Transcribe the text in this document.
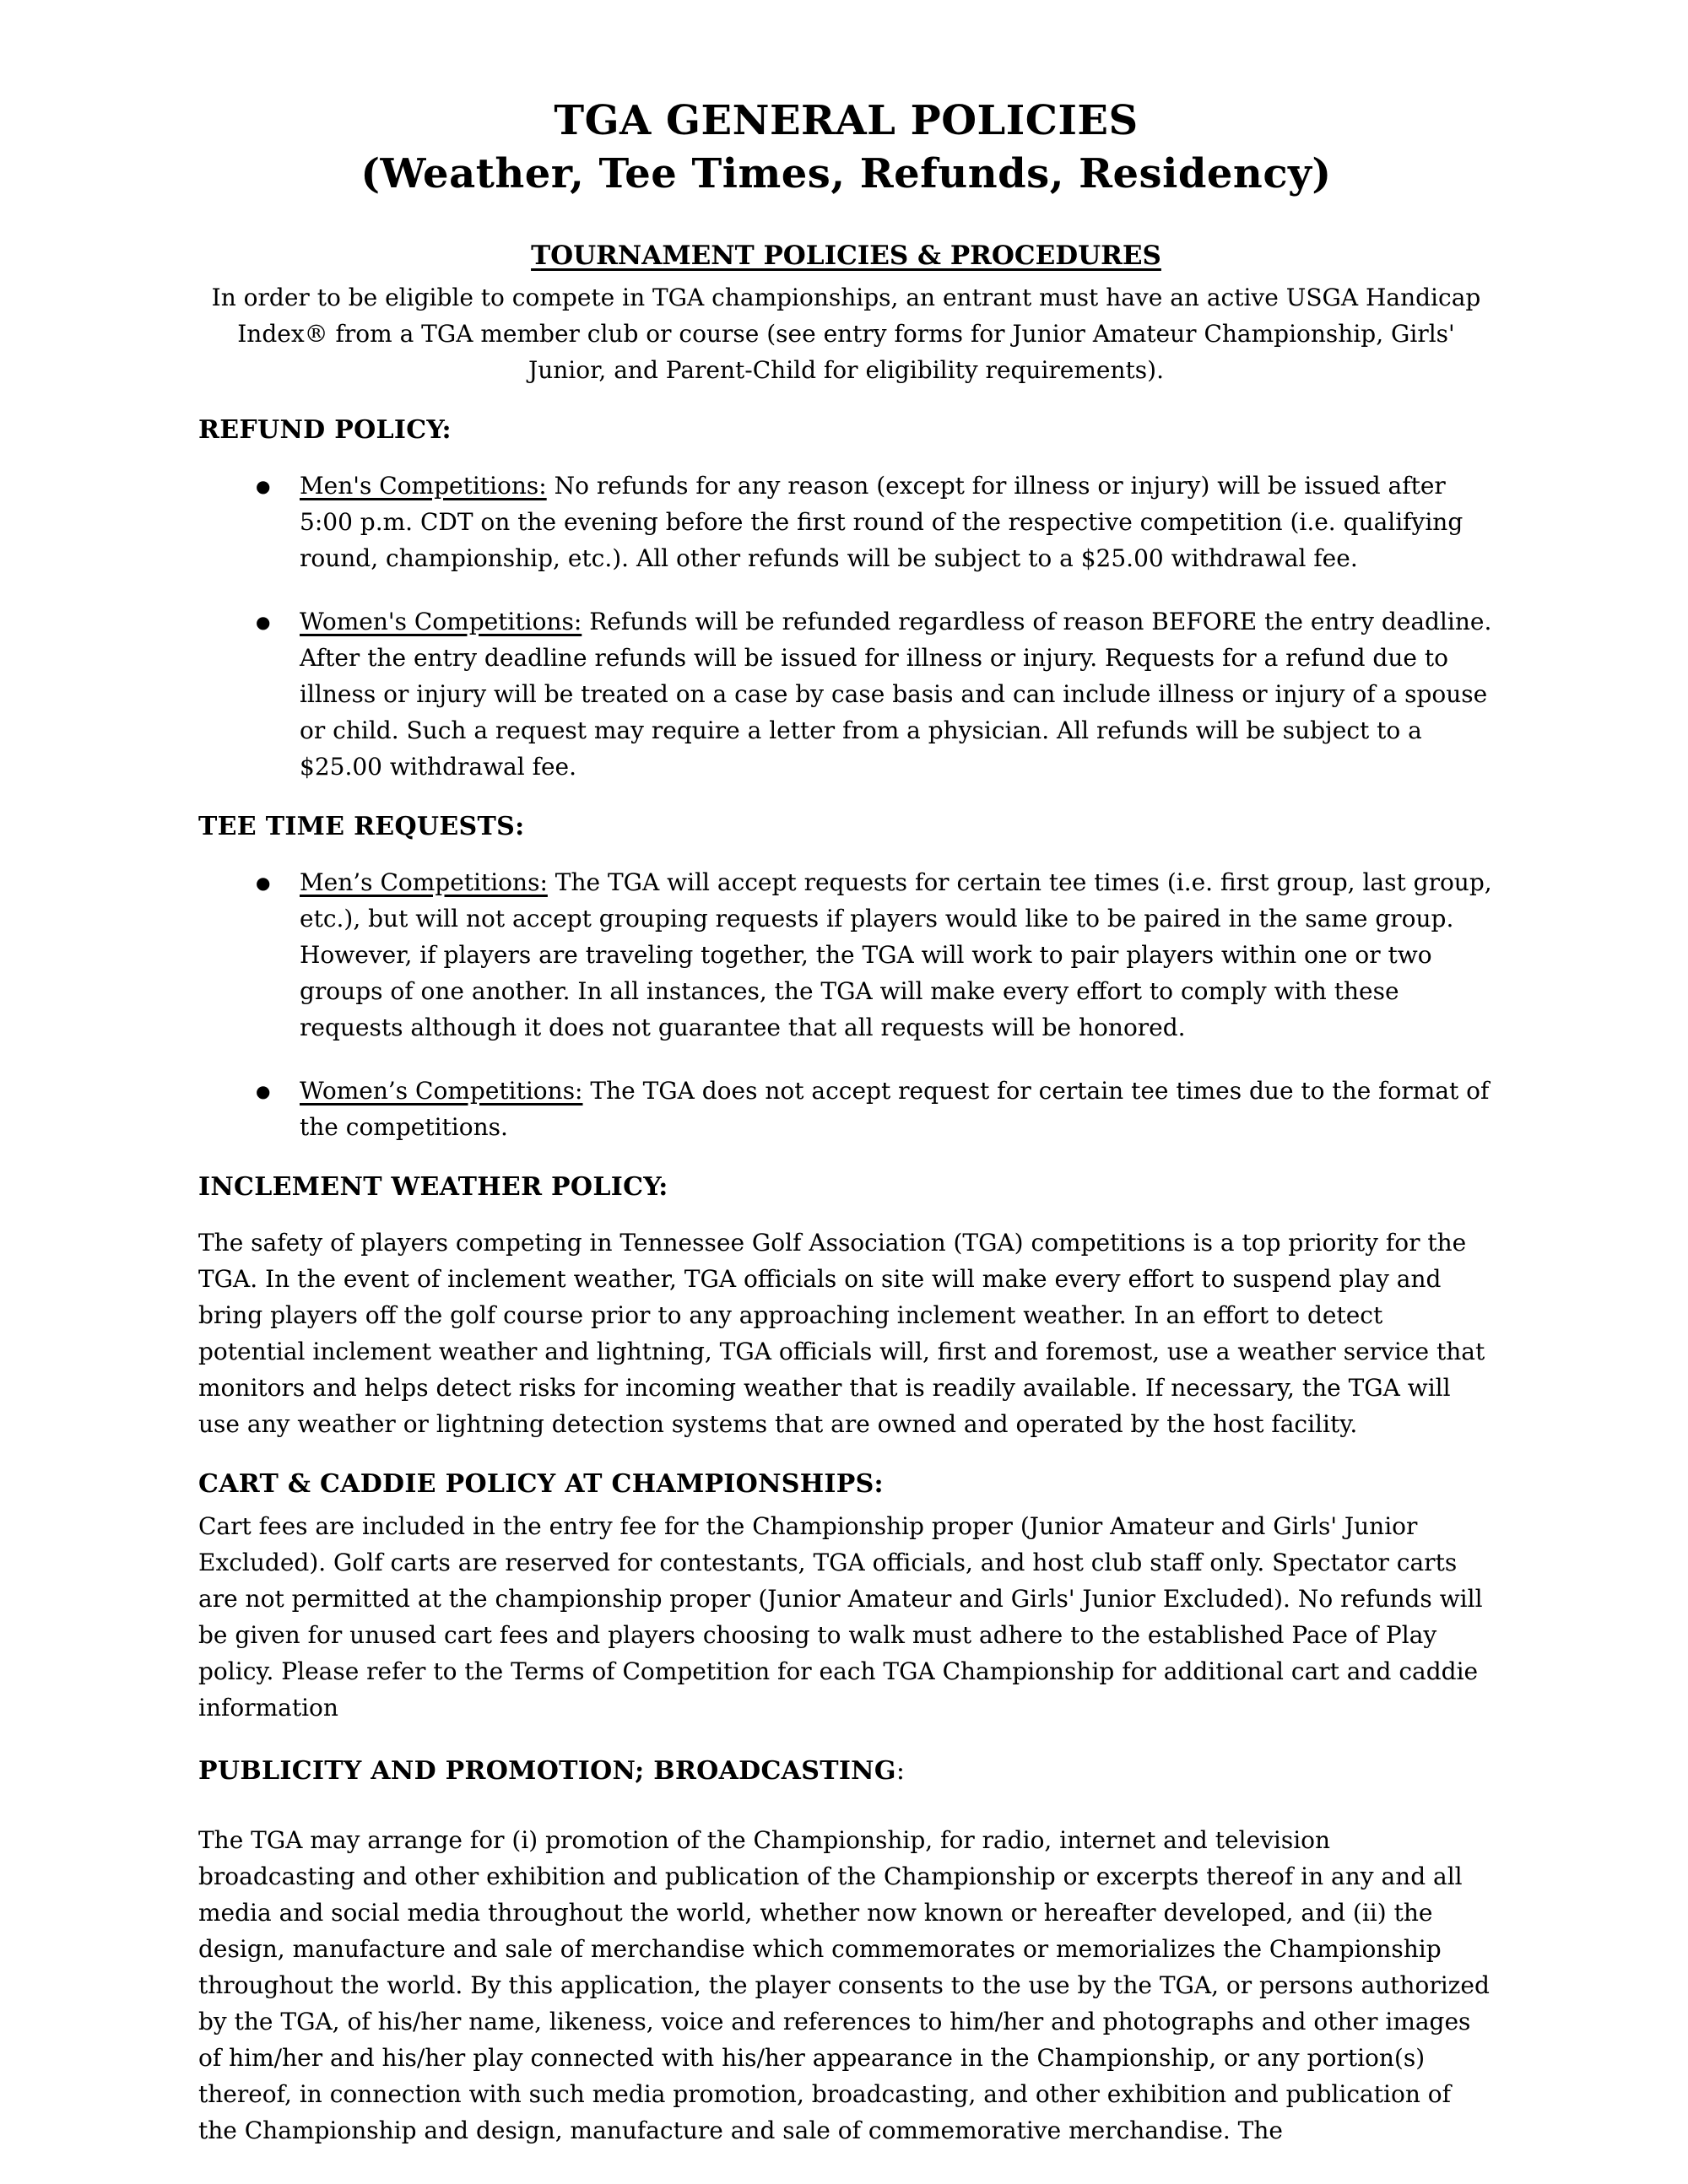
TGA GENERAL POLICIES
(Weather, Tee Times, Refunds, Residency)
TOURNAMENT POLICIES & PROCEDURES

In order to be eligible to compete in TGA championships, an entrant must have an active USGA Handicap Index® from a TGA member club or course (see entry forms for Junior Amateur Championship, Girls' Junior, and Parent-Child for eligibility requirements).

REFUND POLICY:
● Men's Competitions: No refunds for any reason (except for illness or injury) will be issued after 5:00 p.m. CDT on the evening before the first round of the respective competition (i.e. qualifying round, championship, etc.). All other refunds will be subject to a $25.00 withdrawal fee.
● Women's Competitions: Refunds will be refunded regardless of reason BEFORE the entry deadline. After the entry deadline refunds will be issued for illness or injury. Requests for a refund due to illness or injury will be treated on a case by case basis and can include illness or injury of a spouse or child. Such a request may require a letter from a physician. All refunds will be subject to a $25.00 withdrawal fee.
TEE TIME REQUESTS:
● Men’s Competitions: The TGA will accept requests for certain tee times (i.e. first group, last group, etc.), but will not accept grouping requests if players would like to be paired in the same group. However, if players are traveling together, the TGA will work to pair players within one or two groups of one another. In all instances, the TGA will make every effort to comply with these requests although it does not guarantee that all requests will be honored.
● Women’s Competitions: The TGA does not accept request for certain tee times due to the format of the competitions.
INCLEMENT WEATHER POLICY:

The safety of players competing in Tennessee Golf Association (TGA) competitions is a top priority for the TGA. In the event of inclement weather, TGA officials on site will make every effort to suspend play and bring players off the golf course prior to any approaching inclement weather. In an effort to detect potential inclement weather and lightning, TGA officials will, first and foremost, use a weather service that monitors and helps detect risks for incoming weather that is readily available. If necessary, the TGA will use any weather or lightning detection systems that are owned and operated by the host facility.

CART & CADDIE POLICY AT CHAMPIONSHIPS:

Cart fees are included in the entry fee for the Championship proper (Junior Amateur and Girls' Junior Excluded). Golf carts are reserved for contestants, TGA officials, and host club staff only. Spectator carts are not permitted at the championship proper (Junior Amateur and Girls' Junior Excluded). No refunds will be given for unused cart fees and players choosing to walk must adhere to the established Pace of Play policy. Please refer to the Terms of Competition for each TGA Championship for additional cart and caddie information

PUBLICITY AND PROMOTION; BROADCASTING:

The TGA may arrange for (i) promotion of the Championship, for radio, internet and television broadcasting and other exhibition and publication of the Championship or excerpts thereof in any and all media and social media throughout the world, whether now known or hereafter developed, and (ii) the design, manufacture and sale of merchandise which commemorates or memorializes the Championship throughout the world. By this application, the player consents to the use by the TGA, or persons authorized by the TGA, of his/her name, likeness, voice and references to him/her and photographs and other images of him/her and his/her play connected with his/her appearance in the Championship, or any portion(s) thereof, in connection with such media promotion, broadcasting, and other exhibition and publication of the Championship and design, manufacture and sale of commemorative merchandise. The
